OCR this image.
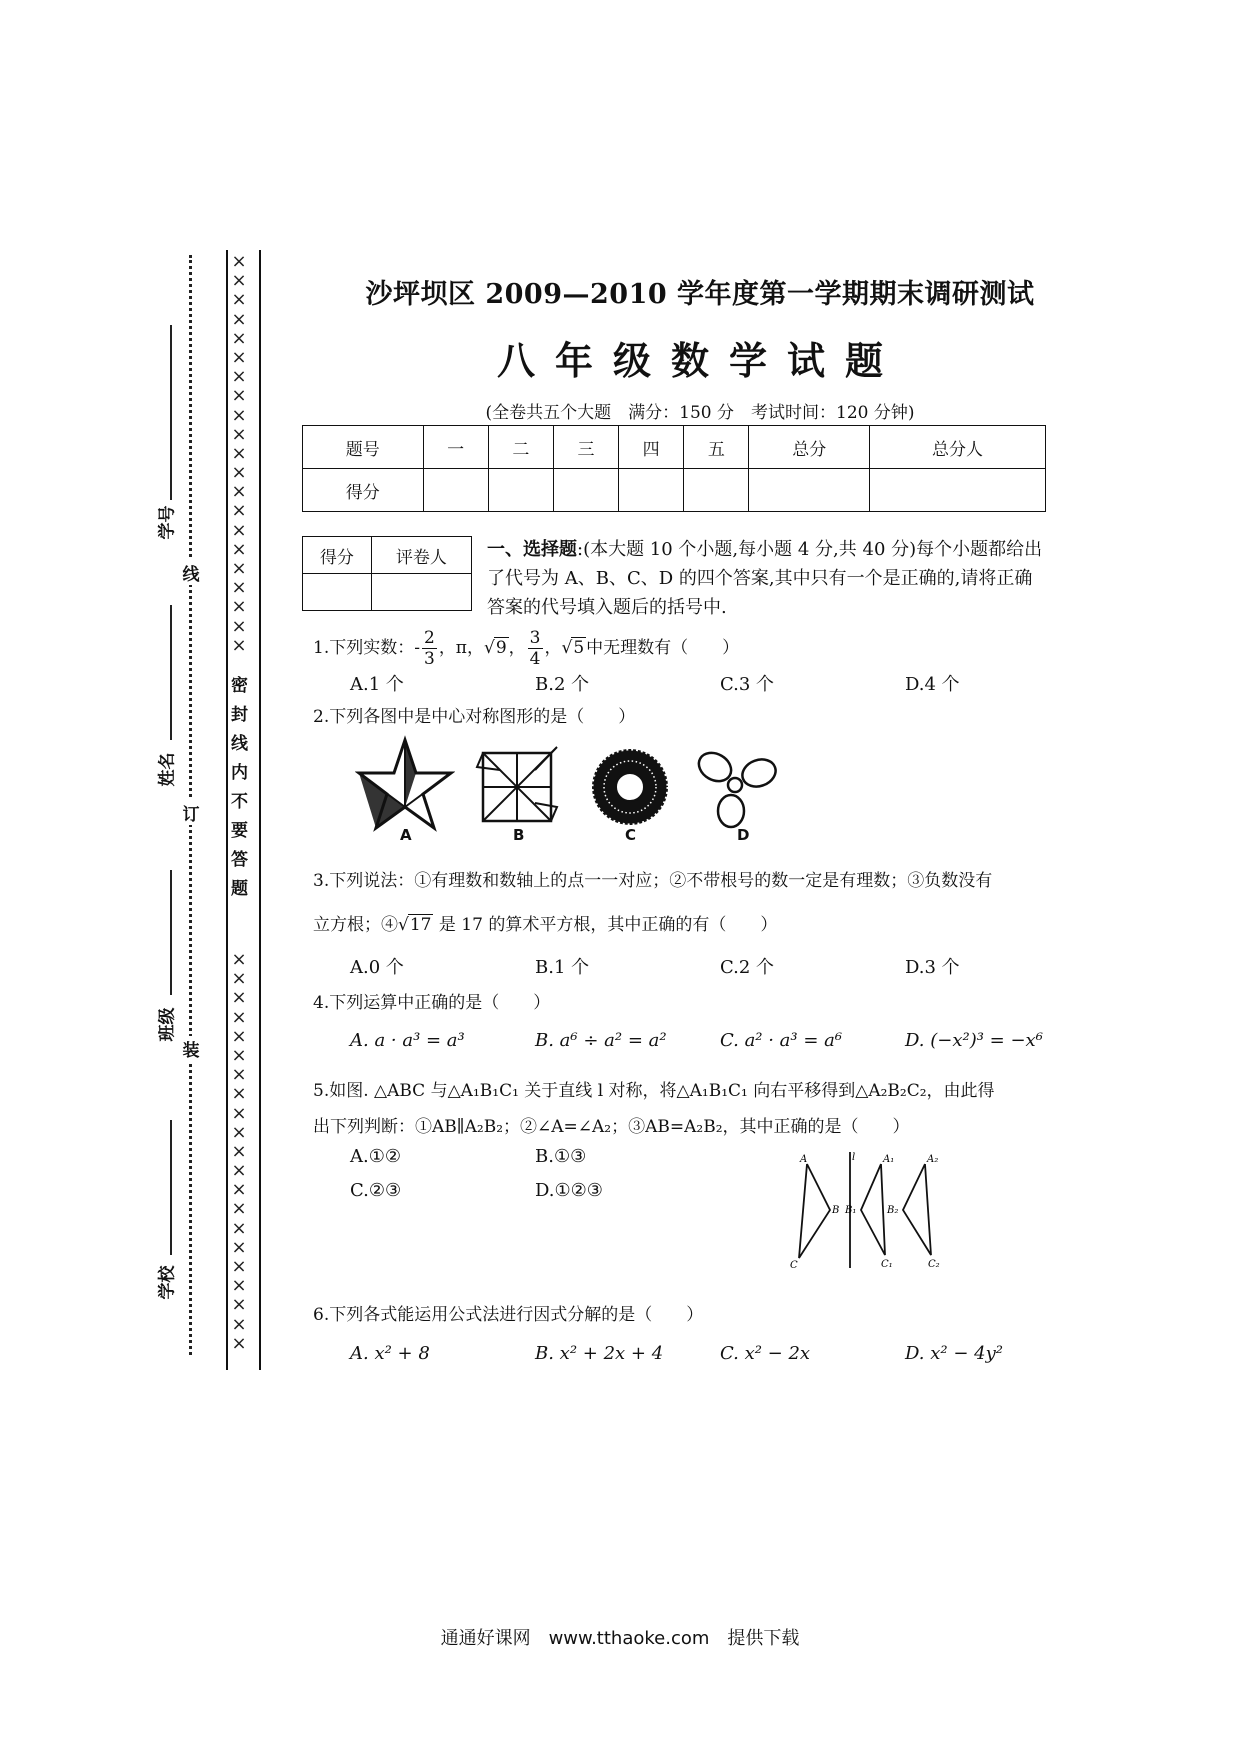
×
×
×
×
×
×
×
×
×
×
×
×
×
×
×
×
×
×
×
×
×
×
×
×
×
×
×
×
×
×
×
×
×
×
×
×
×
×
×
×
×
×
密封线内不要答题
线
订
装
学号
姓名
班级
学校
沙坪坝区 2009—2010 学年度第一学期期末调研测试
八年级数学试题
(全卷共五个大题　满分：150 分　考试时间：120 分钟)
题号	一	二	三	四	五	总分	总分人
得分							
得分	评卷人
	一、选择题:(本大题 10 个小题,每小题 4 分,共 40 分)每个小题都给出
了代号为 A、B、C、D 的四个答案,其中只有一个是正确的,请将正确
答案的代号填入题后的括号中.
1.下列实数：- $\frac{2}{3}$ ，π，√9 ， $\frac{3}{4}$ ，√5 中无理数有（　　）
A.1 个	B.2 个	C.3 个	D.4 个
2.下列各图中是中心对称图形的是（　　）
A	B	C	D
3.下列说法：①有理数和数轴上的点一一对应；②不带根号的数一定是有理数；③负数没有
立方根；④√17 是 17 的算术平方根，其中正确的有（　　）
A.0 个	B.1 个	C.2 个	D.3 个
4.下列运算中正确的是（　　）
A. a · a³ = a³	B. a⁶ ÷ a² = a²	C. a² · a³ = a⁶	D. (−x²)³ = −x⁶
5.如图. △ABC 与△A₁B₁C₁ 关于直线 l 对称，将△A₁B₁C₁ 向右平移得到△A₂B₂C₂，由此得
出下列判断：①AB∥A₂B₂；②∠A=∠A₂；③AB=A₂B₂，其中正确的是（　　）
A.①②	B.①③
C.②③	D.①②③
A
B
C
l	A₁
B₁
C₁
A₂
B₂
C₂
6.下列各式能运用公式法进行因式分解的是（　　）
A. x² + 8	B. x² + 2x + 4	C. x² − 2x	D. x² − 4y²
通通好课网　www.tthaoke.com　提供下载
